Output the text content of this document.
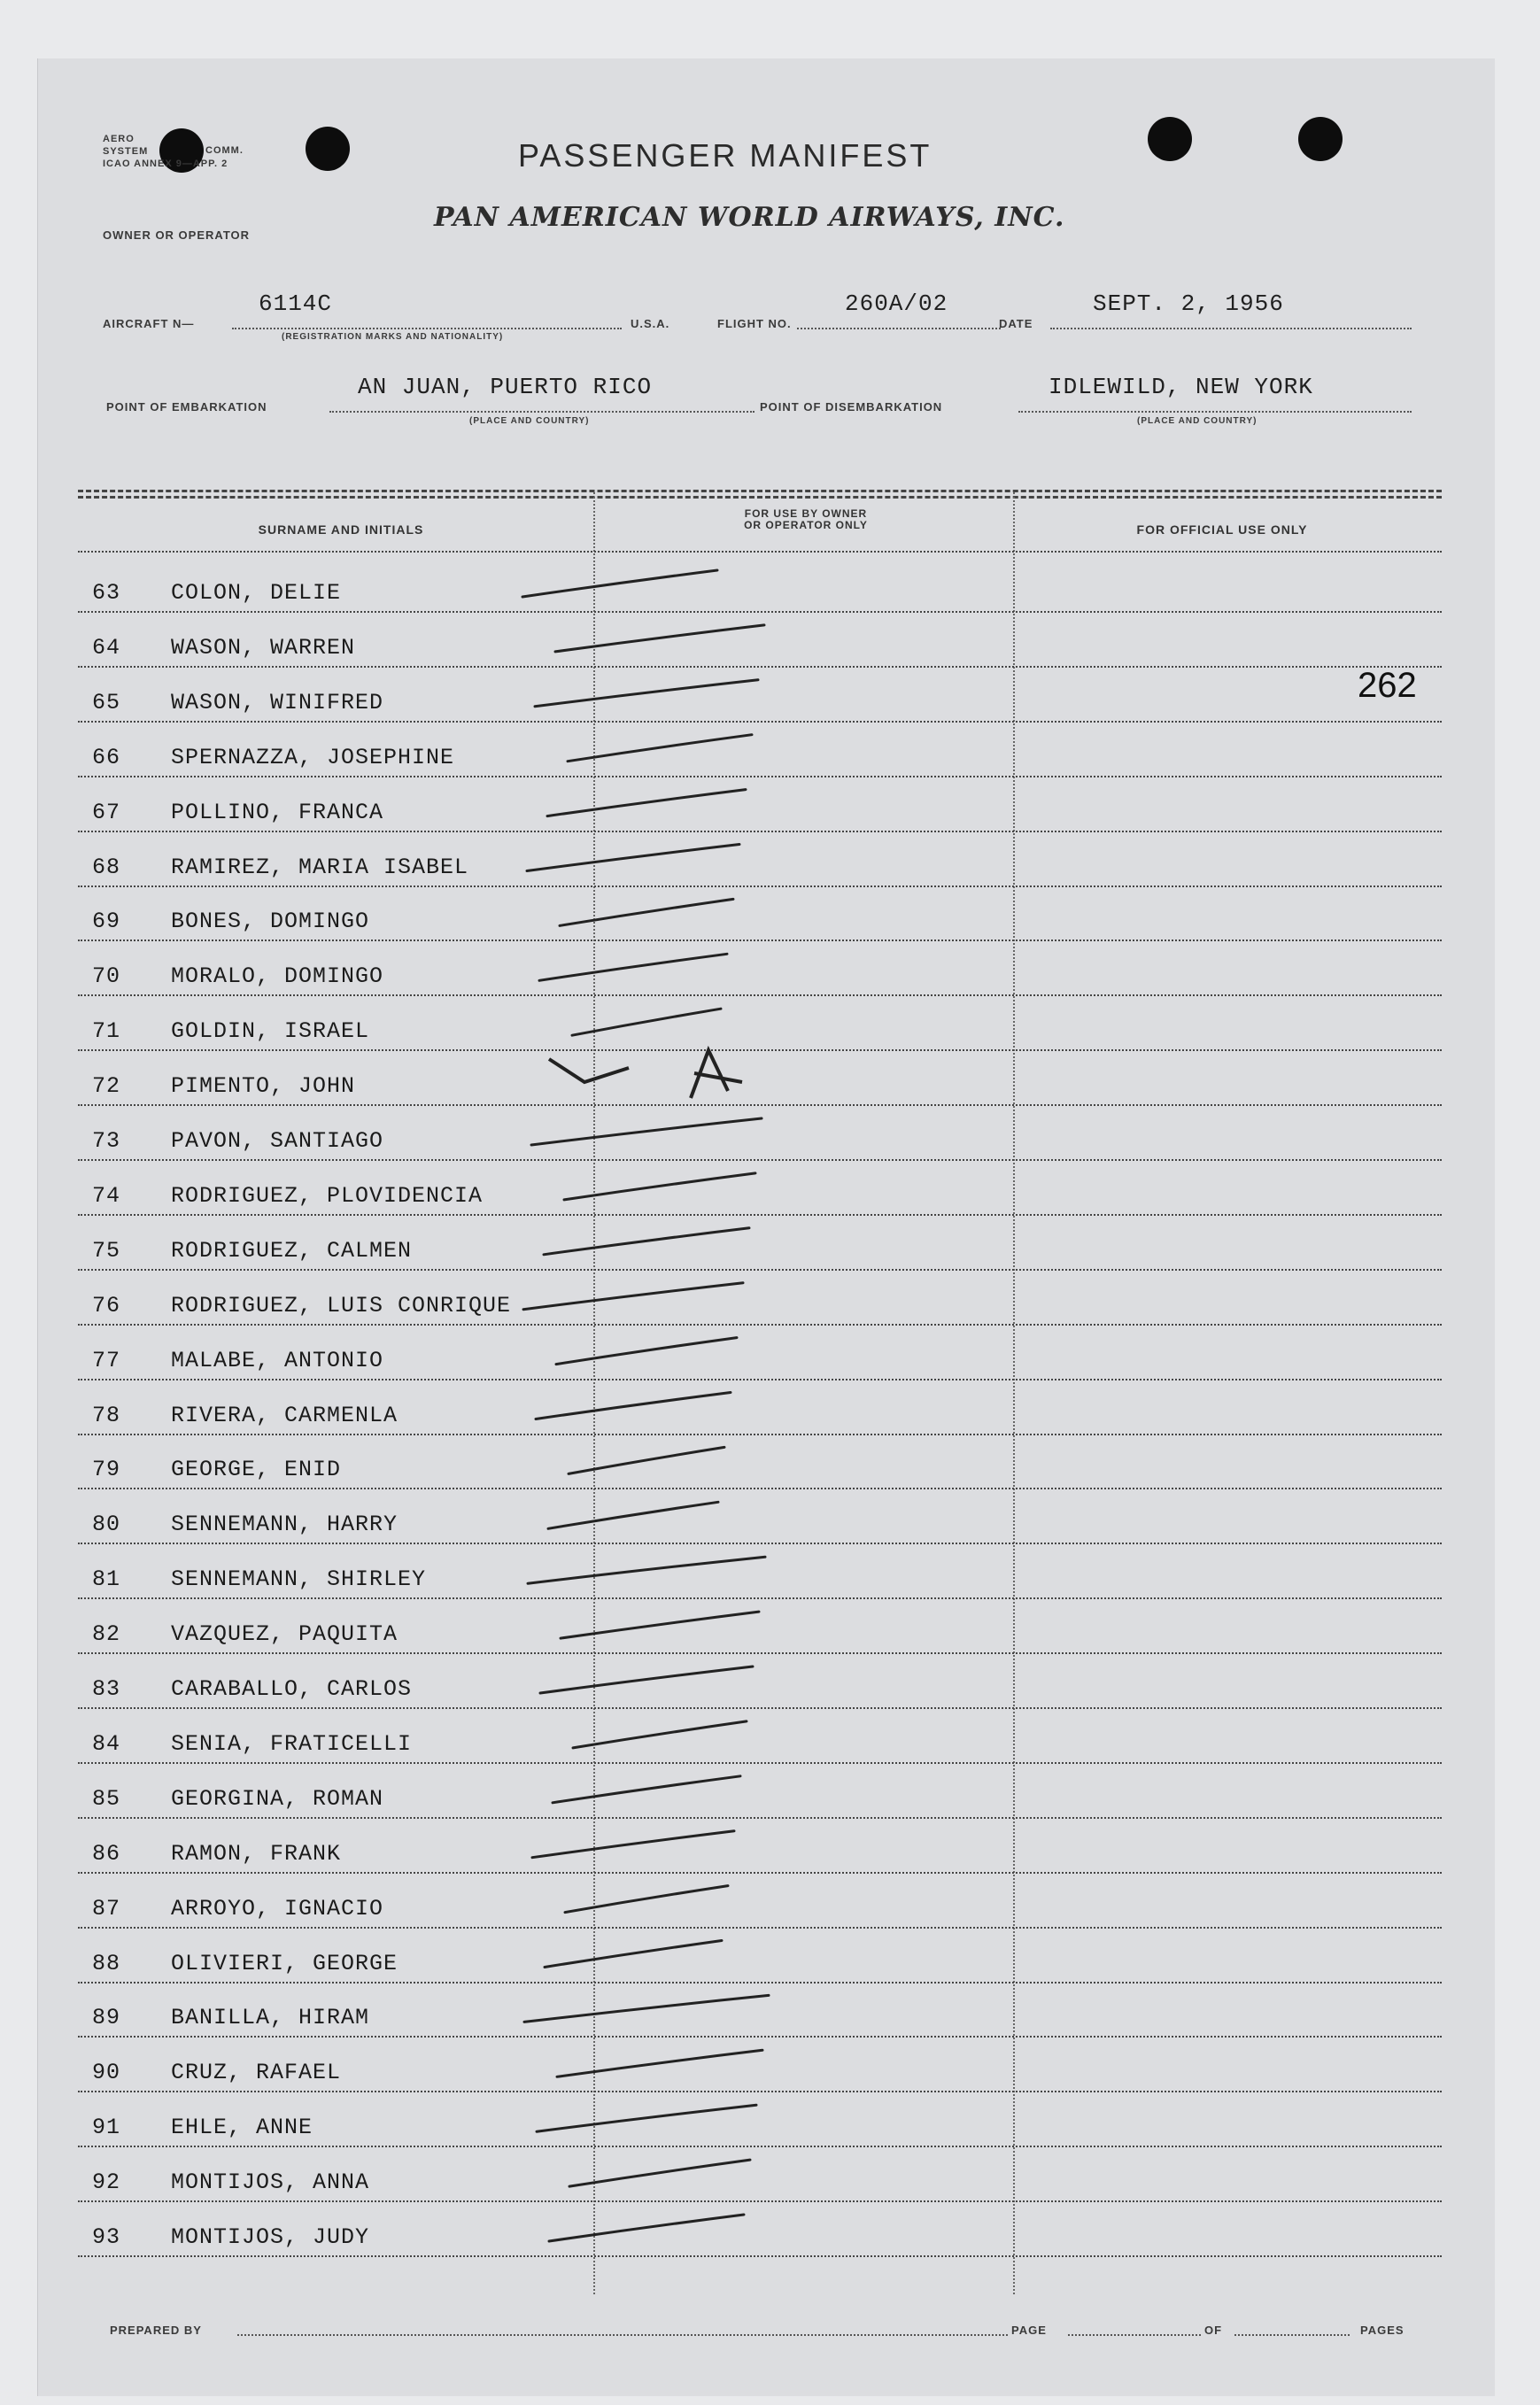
AERO
SYSTEM
ICAO ANNEX 9—APP. 2
COMM.	PASSENGER MANIFEST
OWNER OR OPERATOR
PAN AMERICAN WORLD AIRWAYS, INC.
AIRCRAFT N—
6114C
(REGISTRATION MARKS AND NATIONALITY)
U.S.A.	FLIGHT NO.
260A/02
DATE
SEPT. 2, 1956
POINT OF EMBARKATION
AN JUAN, PUERTO RICO
(PLACE AND COUNTRY)
POINT OF DISEMBARKATION
IDLEWILD, NEW YORK
(PLACE AND COUNTRY)
SURNAME AND INITIALS
FOR USE BY OWNER
OR OPERATOR ONLY	FOR OFFICIAL USE ONLY
63 COLON, DELIE
64 WASON, WARREN
65 WASON, WINIFRED
66 SPERNAZZA, JOSEPHINE
67 POLLINO, FRANCA
68 RAMIREZ, MARIA ISABEL
69 BONES, DOMINGO
70 MORALO, DOMINGO
71 GOLDIN, ISRAEL
72 PIMENTO, JOHN
73 PAVON, SANTIAGO
74 RODRIGUEZ, PLOVIDENCIA
75 RODRIGUEZ, CALMEN
76 RODRIGUEZ, LUIS CONRIQUE
77 MALABE, ANTONIO
78 RIVERA, CARMENLA
79 GEORGE, ENID
80 SENNEMANN, HARRY
81 SENNEMANN, SHIRLEY
82 VAZQUEZ, PAQUITA
83 CARABALLO, CARLOS
84 SENIA, FRATICELLI
85 GEORGINA, ROMAN
86 RAMON, FRANK
87 ARROYO, IGNACIO
88 OLIVIERI, GEORGE
89 BANILLA, HIRAM
90 CRUZ, RAFAEL
91 EHLE, ANNE
92 MONTIJOS, ANNA
93 MONTIJOS, JUDY
262
PREPARED BY	PAGE	OF	PAGES
